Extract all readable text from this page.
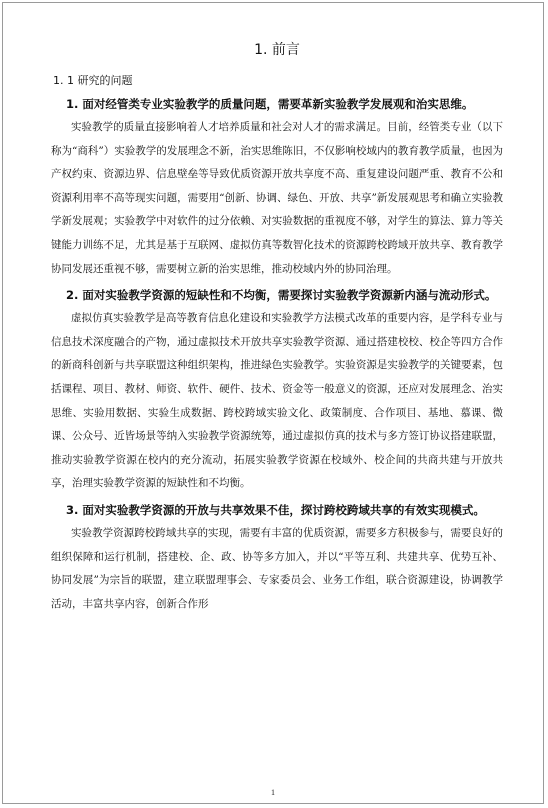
1. 前言
1. 1 研究的问题
1. 面对经管类专业实验教学的质量问题，需要革新实验教学发展观和治实思维。

实验教学的质量直接影响着人才培养质量和社会对人才的需求满足。目前，经管类专业（以下称为“商科”）实验教学的发展理念不新，治实思维陈旧，不仅影响校域内的教育教学质量，也因为产权约束、资源边界、信息壁垒等导致优质资源开放共享度不高、重复建设问题严重、教育不公和资源利用率不高等现实问题，需要用“创新、协调、绿色、开放、共享”新发展观思考和确立实验教学新发展观；实验教学中对软件的过分依赖、对实验数据的重视度不够，对学生的算法、算力等关键能力训练不足，尤其是基于互联网、虚拟仿真等数智化技术的资源跨校跨域开放共享、教育教学协同发展还重视不够，需要树立新的治实思维，推动校域内外的协同治理。

2. 面对实验教学资源的短缺性和不均衡，需要探讨实验教学资源新内涵与流动形式。

虚拟仿真实验教学是高等教育信息化建设和实验教学方法模式改革的重要内容，是学科专业与信息技术深度融合的产物，通过虚拟技术开放共享实验教学资源、通过搭建校校、校企等四方合作的新商科创新与共享联盟这种组织架构，推进绿色实验教学。实验资源是实验教学的关键要素，包括课程、项目、教材、师资、软件、硬件、技术、资金等一般意义的资源，还应对发展理念、治实思维、实验用数据、实验生成数据、跨校跨域实验文化、政策制度、合作项目、基地、慕课、微课、公众号、近皆场景等纳入实验教学资源统筹，通过虚拟仿真的技术与多方签订协议搭建联盟，推动实验教学资源在校内的充分流动，拓展实验教学资源在校域外、校企间的共商共建与开放共享，治理实验教学资源的短缺性和不均衡。

3. 面对实验教学资源的开放与共享效果不佳，探讨跨校跨域共享的有效实现模式。

实验教学资源跨校跨域共享的实现，需要有丰富的优质资源，需要多方积极参与，需要良好的组织保障和运行机制，搭建校、企、政、协等多方加入，并以“平等互利、共建共享、优势互补、协同发展”为宗旨的联盟，建立联盟理事会、专家委员会、业务工作组，联合资源建设，协调教学活动，丰富共享内容，创新合作形

1
